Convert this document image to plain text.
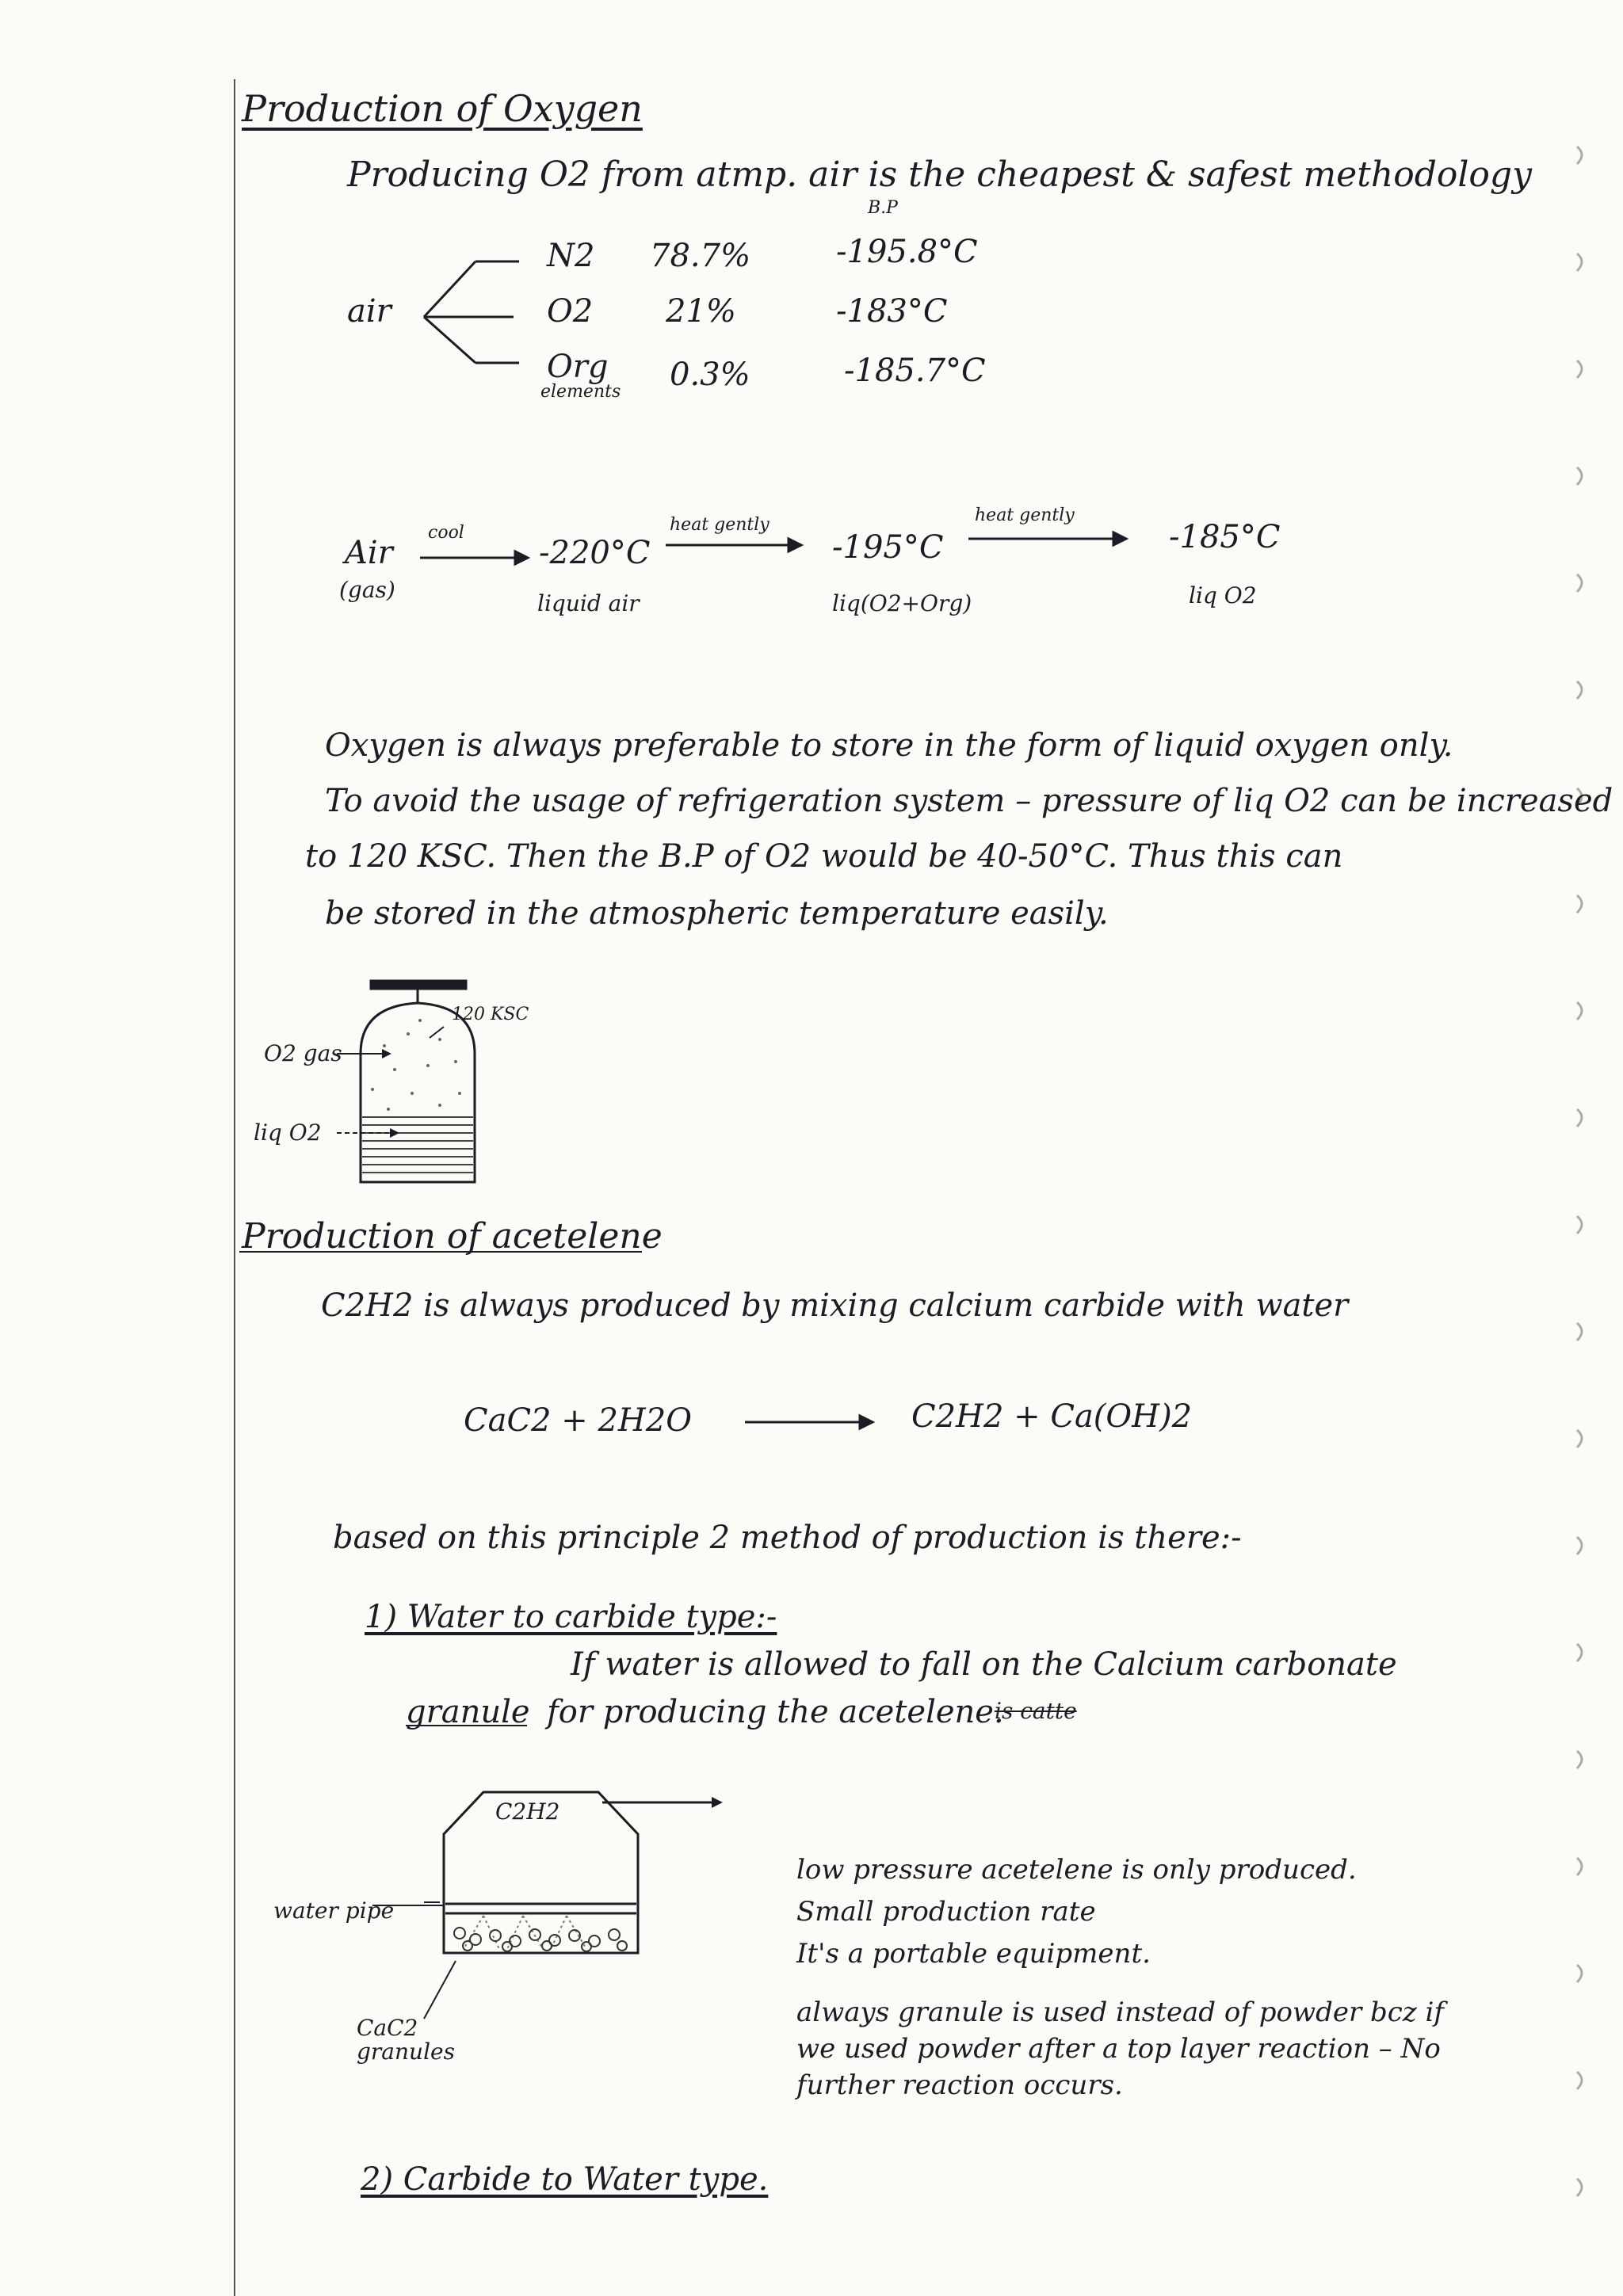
Production of Oxygen
Producing O2 from atmp. air is the cheapest & safest methodology
B.P
air
N2 78.7%	-195.8°C
O2 21%	-183°C
Org
elements 0.3%	-185.7°C
Air
(gas)
cool
-220°C
liquid air
heat gently
-195°C
liq(O2+Org)
heat gently
-185°C
liq O2
Oxygen is always preferable to store in the form of liquid oxygen only.
To avoid the usage of refrigeration system – pressure of liq O2 can be increased
to 120 KSC. Then the B.P of O2 would be 40-50°C. Thus this can
be stored in the atmospheric temperature easily.
120 KSC
O2 gas
liq O2
Production of acetelene
C2H2 is always produced by mixing calcium carbide with water
CaC2 + 2H2O	C2H2 + Ca(OH)2
based on this principle 2 method of production is there:-
1) Water to carbide type:-
If water is allowed to fall on the Calcium carbonate
granule for producing the acetelene.
is catte
C2H2
water pipe
CaC2 granules
low pressure acetelene is only produced.
Small production rate
It's a portable equipment.
always granule is used instead of powder bcz if
we used powder after a top layer reaction – No
further reaction occurs.
2) Carbide to Water type.
